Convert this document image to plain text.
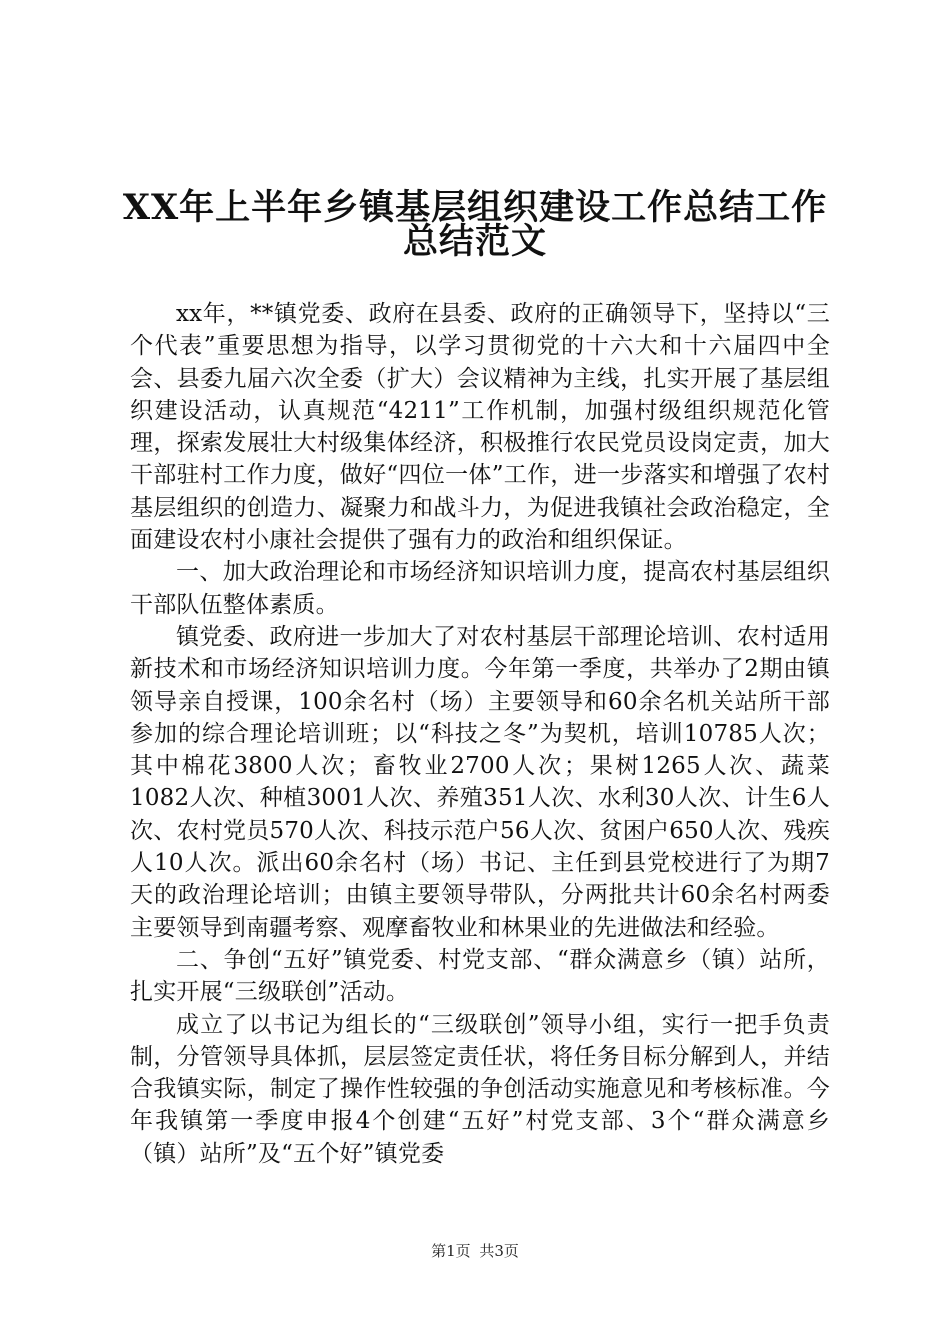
XX年上半年乡镇基层组织建设工作总结工作
总结范文

xx年，**镇党委、政府在县委、政府的正确领导下，坚持以“三个代表”重要思想为指导，以学习贯彻党的十六大和十六届四中全会、县委九届六次全委（扩大）会议精神为主线，扎实开展了基层组织建设活动，认真规范“4211”工作机制，加强村级组织规范化管理，探索发展壮大村级集体经济，积极推行农民党员设岗定责，加大干部驻村工作力度，做好“四位一体”工作，进一步落实和增强了农村基层组织的创造力、凝聚力和战斗力，为促进我镇社会政治稳定，全面建设农村小康社会提供了强有力的政治和组织保证。

一、加大政治理论和市场经济知识培训力度，提高农村基层组织干部队伍整体素质。

镇党委、政府进一步加大了对农村基层干部理论培训、农村适用新技术和市场经济知识培训力度。今年第一季度，共举办了2期由镇领导亲自授课，100余名村（场）主要领导和60余名机关站所干部参加的综合理论培训班；以“科技之冬”为契机，培训10785人次；其中棉花3800人次；畜牧业2700人次；果树1265人次、蔬菜1082人次、种植3001人次、养殖351人次、水利30人次、计生6人次、农村党员570人次、科技示范户56人次、贫困户650人次、残疾人10人次。派出60余名村（场）书记、主任到县党校进行了为期7天的政治理论培训；由镇主要领导带队，分两批共计60余名村两委主要领导到南疆考察、观摩畜牧业和林果业的先进做法和经验。

二、争创“五好”镇党委、村党支部、“群众满意乡（镇）站所，扎实开展“三级联创”活动。

成立了以书记为组长的“三级联创”领导小组，实行一把手负责制，分管领导具体抓，层层签定责任状，将任务目标分解到人，并结合我镇实际，制定了操作性较强的争创活动实施意见和考核标准。今年我镇第一季度申报4个创建“五好”村党支部、3个“群众满意乡（镇）站所”及“五个好”镇党委

第1页 共3页
